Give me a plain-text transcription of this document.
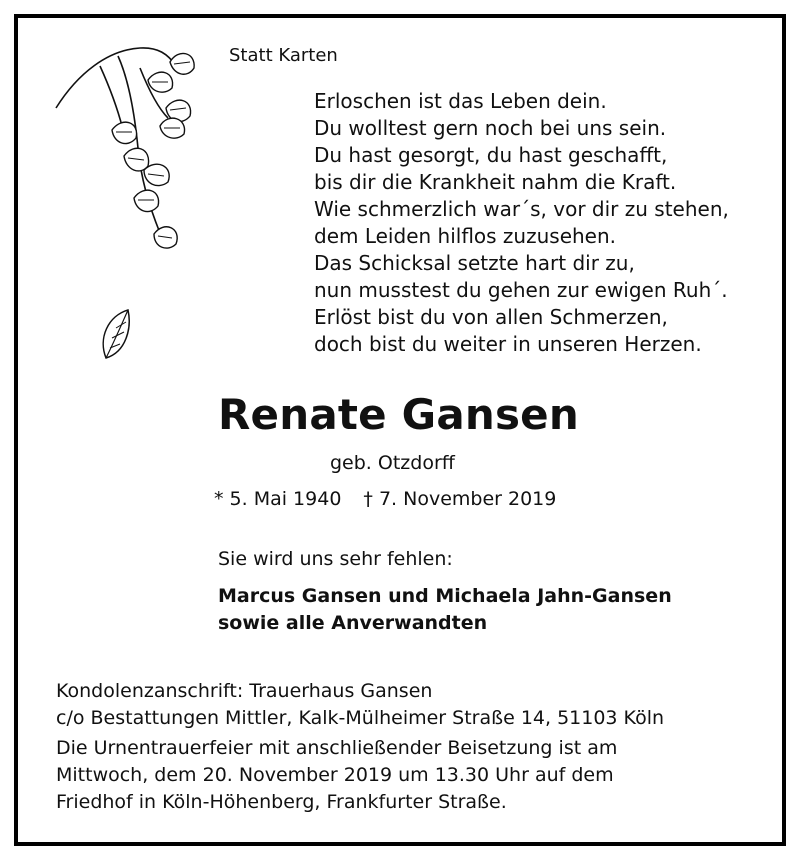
Statt Karten
Erloschen ist das Leben dein.
Du wolltest gern noch bei uns sein.
Du hast gesorgt, du hast geschafft,
bis dir die Krankheit nahm die Kraft.
Wie schmerzlich war´s, vor dir zu stehen,
dem Leiden hilflos zuzusehen.
Das Schicksal setzte hart dir zu,
nun musstest du gehen zur ewigen Ruh´.
Erlöst bist du von allen Schmerzen,
doch bist du weiter in unseren Herzen.
Renate Gansen
geb. Otzdorff
* 5. Mai 1940 † 7. November 2019
Sie wird uns sehr fehlen:
Marcus Gansen und Michaela Jahn-Gansen
sowie alle Anverwandten
Kondolenzanschrift: Trauerhaus Gansen
c/o Bestattungen Mittler, Kalk-Mülheimer Straße 14, 51103 Köln
Die Urnentrauerfeier mit anschließender Beisetzung ist am
Mittwoch, dem 20. November 2019 um 13.30 Uhr auf dem
Friedhof in Köln-Höhenberg, Frankfurter Straße.
